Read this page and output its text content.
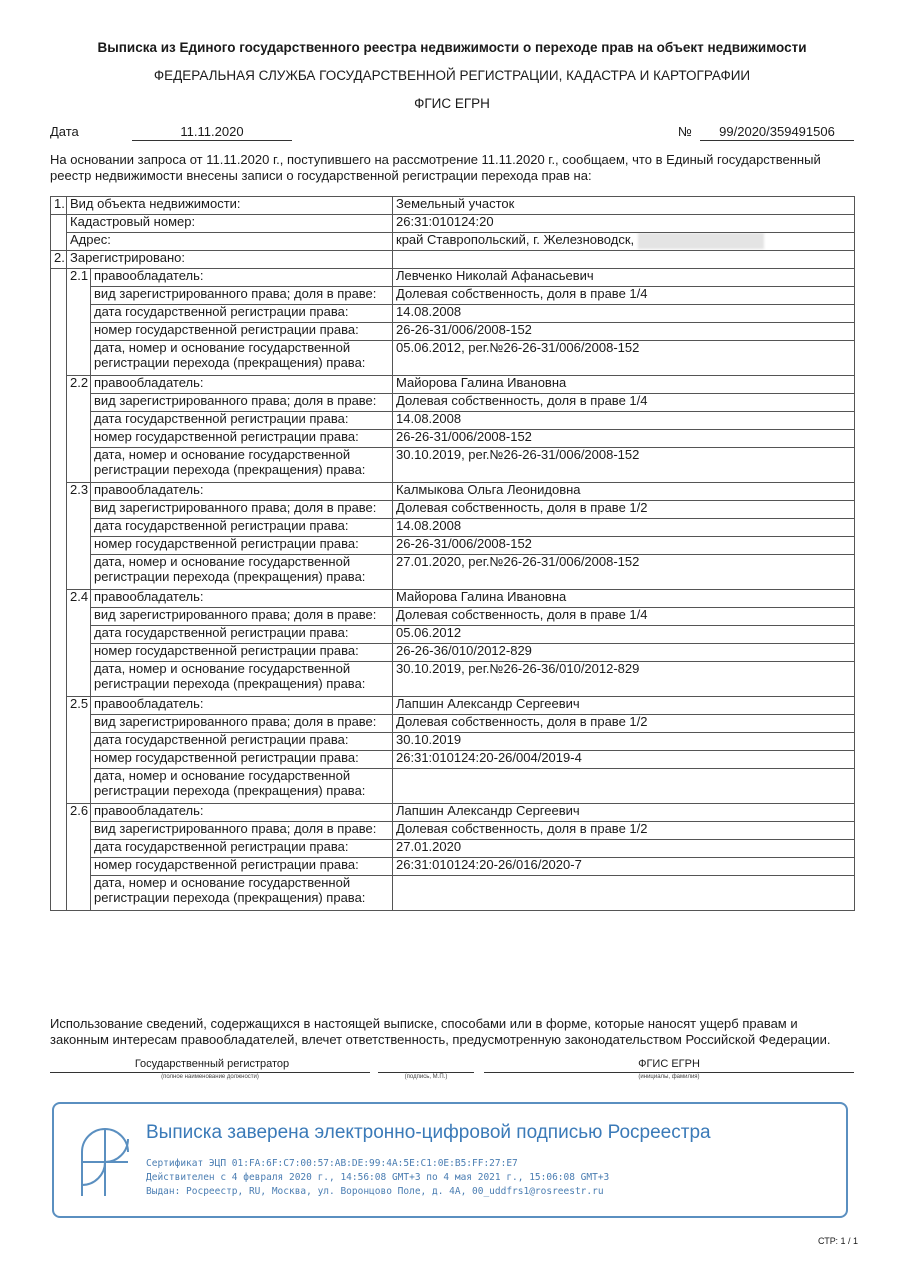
Выписка из Единого государственного реестра недвижимости о переходе прав на объект недвижимости
ФЕДЕРАЛЬНАЯ СЛУЖБА ГОСУДАРСТВЕННОЙ РЕГИСТРАЦИИ, КАДАСТРА И КАРТОГРАФИИ
ФГИС ЕГРН
Дата	11.11.2020	№	99/2020/359491506
На основании запроса от 11.11.2020 г., поступившего на рассмотрение 11.11.2020 г., сообщаем, что в Единый государственный реестр недвижимости внесены записи о государственной регистрации перехода прав на:
1.	Вид объекта недвижимости:		Земельный участок
	Кадастровый номер:		26:31:010124:20
	Адрес:		край Ставропольский, г. Железноводск,
2.	Зарегистрировано:		
	2.1	правообладатель:	Левченко Николай Афанасьевич
		вид зарегистрированного права; доля в праве:	Долевая собственность, доля в праве 1/4
		дата государственной регистрации права:	14.08.2008
		номер государственной регистрации права:	26-26-31/006/2008-152
		дата, номер и основание государственной регистрации перехода (прекращения) права:	05.06.2012, рег.№26-26-31/006/2008-152
	2.2	правообладатель:	Майорова Галина Ивановна
		вид зарегистрированного права; доля в праве:	Долевая собственность, доля в праве 1/4
		дата государственной регистрации права:	14.08.2008
		номер государственной регистрации права:	26-26-31/006/2008-152
		дата, номер и основание государственной регистрации перехода (прекращения) права:	30.10.2019, рег.№26-26-31/006/2008-152
	2.3	правообладатель:	Калмыкова Ольга Леонидовна
		вид зарегистрированного права; доля в праве:	Долевая собственность, доля в праве 1/2
		дата государственной регистрации права:	14.08.2008
		номер государственной регистрации права:	26-26-31/006/2008-152
		дата, номер и основание государственной регистрации перехода (прекращения) права:	27.01.2020, рег.№26-26-31/006/2008-152
	2.4	правообладатель:	Майорова Галина Ивановна
		вид зарегистрированного права; доля в праве:	Долевая собственность, доля в праве 1/4
		дата государственной регистрации права:	05.06.2012
		номер государственной регистрации права:	26-26-36/010/2012-829
		дата, номер и основание государственной регистрации перехода (прекращения) права:	30.10.2019, рег.№26-26-36/010/2012-829
	2.5	правообладатель:	Лапшин Александр Сергеевич
		вид зарегистрированного права; доля в праве:	Долевая собственность, доля в праве 1/2
		дата государственной регистрации права:	30.10.2019
		номер государственной регистрации права:	26:31:010124:20-26/004/2019-4
		дата, номер и основание государственной регистрации перехода (прекращения) права:	
	2.6	правообладатель:	Лапшин Александр Сергеевич
		вид зарегистрированного права; доля в праве:	Долевая собственность, доля в праве 1/2
		дата государственной регистрации права:	27.01.2020
		номер государственной регистрации права:	26:31:010124:20-26/016/2020-7
		дата, номер и основание государственной регистрации перехода (прекращения) права:	
Использование сведений, содержащихся в настоящей выписке, способами или в форме, которые наносят ущерб правам и законным интересам правообладателей, влечет ответственность, предусмотренную законодательством Российской Федерации.
Государственный регистратор
(полное наименование должности)	(подпись, М.П.)
ФГИС ЕГРН
(инициалы, фамилия)
Выписка заверена электронно-цифровой подписью Росреестра
Сертификат ЭЦП 01:FA:6F:C7:00:57:AB:DE:99:4A:5E:C1:0E:B5:FF:27:E7
Действителен с 4 февраля 2020 г., 14:56:08 GMT+3 по 4 мая 2021 г., 15:06:08 GMT+3
Выдан: Росреестр, RU, Москва, ул. Воронцово Поле, д. 4А, 00_uddfrs1@rosreestr.ru
СТР: 1 / 1
